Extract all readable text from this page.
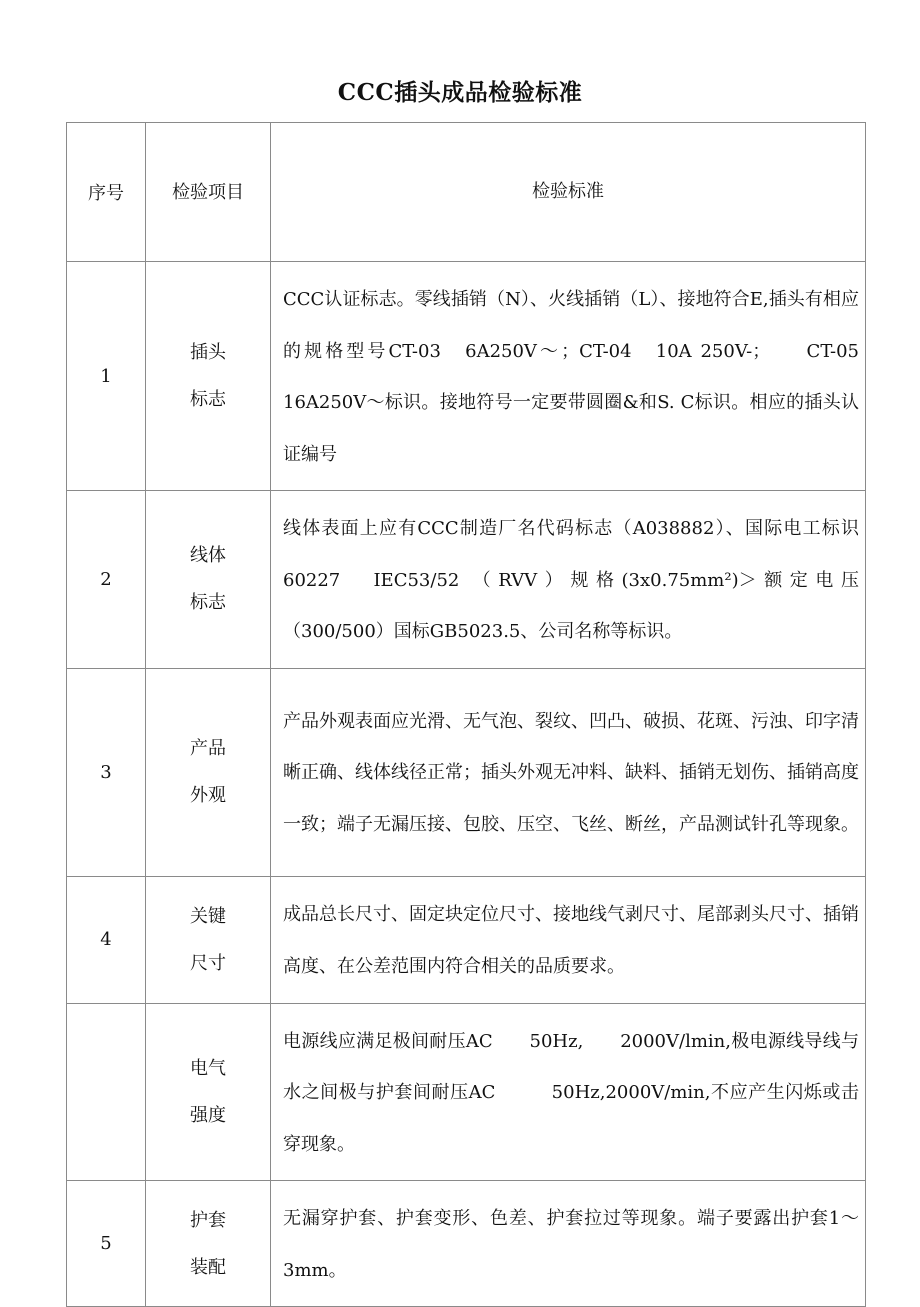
CCC插头成品检验标准
序号	检验项目	检验标准
1	插头标志	CCC认证标志。零线插销（N）、火线插销（L）、接地符合E,插头有相应的规格型号CT-03　6A250V～；CT-04　10A 250V-；　　CT-05　　16A250V～标识。接地符号一定要带圆圈&和S. C标识。相应的插头认证编号
2	线体标志	线体表面上应有CCC制造厂名代码标志（A038882）、国际电工标识　60227　IEC53/52 （RVV）规格(3x0.75mm²)＞额定电压（300/500）国标GB5023.5、公司名称等标识。
3	产品外观	产品外观表面应光滑、无气泡、裂纹、凹凸、破损、花斑、污浊、印字清晰正确、线体线径正常；插头外观无冲料、缺料、插销无划伤、插销高度一致；端子无漏压接、包胶、压空、飞丝、断丝，产品测试针孔等现象。
4	关键尺寸	成品总长尺寸、固定块定位尺寸、接地线气剥尺寸、尾部剥头尺寸、插销高度、在公差范围内符合相关的品质要求。
	电气强度	电源线应满足极间耐压AC　　50Hz,　　2000V/lmin,极电源线导线与水之间极与护套间耐压AC　　　50Hz,2000V/min,不应产生闪烁或击穿现象。
5	护套装配	无漏穿护套、护套变形、色差、护套拉过等现象。端子要露出护套1～3mm。
